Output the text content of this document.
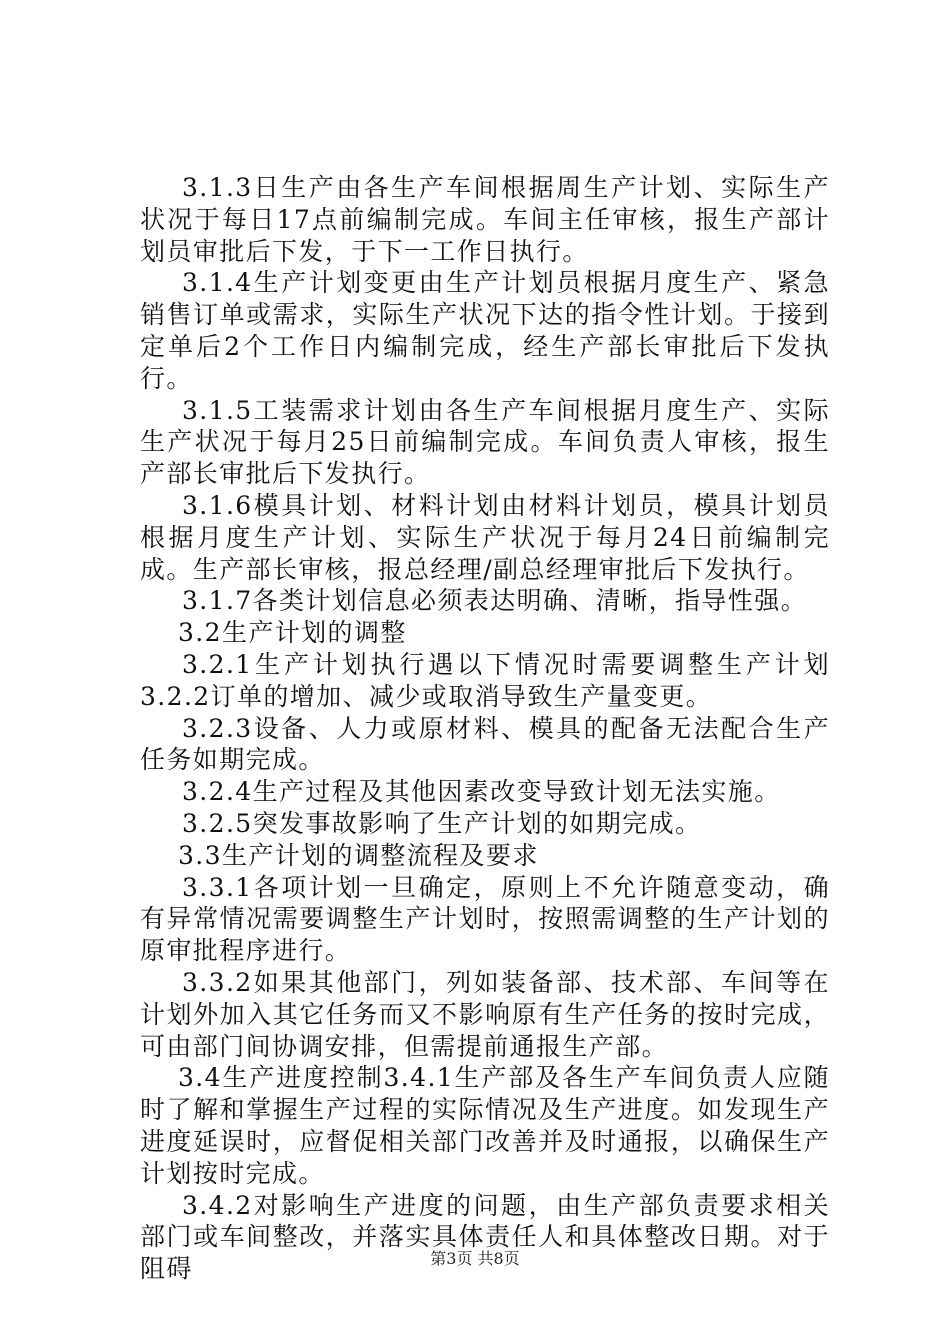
3.1.3日生产由各生产车间根据周生产计划、实际生产状况于每日17点前编制完成。车间主任审核，报生产部计划员审批后下发，于下一工作日执行。

3.1.4生产计划变更由生产计划员根据月度生产、紧急销售订单或需求，实际生产状况下达的指令性计划。于接到定单后2个工作日内编制完成，经生产部长审批后下发执行。

3.1.5工装需求计划由各生产车间根据月度生产、实际生产状况于每月25日前编制完成。车间负责人审核，报生产部长审批后下发执行。

3.1.6模具计划、材料计划由材料计划员，模具计划员根据月度生产计划、实际生产状况于每月24日前编制完成。生产部长审核，报总经理/副总经理审批后下发执行。

3.1.7各类计划信息必须表达明确、清晰，指导性强。

3.2生产计划的调整

3.2.1生产计划执行遇以下情况时需要调整生产计划3.2.2订单的增加、减少或取消导致生产量变更。

3.2.3设备、人力或原材料、模具的配备无法配合生产任务如期完成。

3.2.4生产过程及其他因素改变导致计划无法实施。

3.2.5突发事故影响了生产计划的如期完成。

3.3生产计划的调整流程及要求

3.3.1各项计划一旦确定，原则上不允许随意变动，确有异常情况需要调整生产计划时，按照需调整的生产计划的原审批程序进行。

3.3.2如果其他部门，列如装备部、技术部、车间等在计划外加入其它任务而又不影响原有生产任务的按时完成，可由部门间协调安排，但需提前通报生产部。

3.4生产进度控制3.4.1生产部及各生产车间负责人应随时了解和掌握生产过程的实际情况及生产进度。如发现生产进度延误时，应督促相关部门改善并及时通报，以确保生产计划按时完成。

3.4.2对影响生产进度的问题，由生产部负责要求相关部门或车间整改，并落实具体责任人和具体整改日期。对于阻碍	第3页 共8页
